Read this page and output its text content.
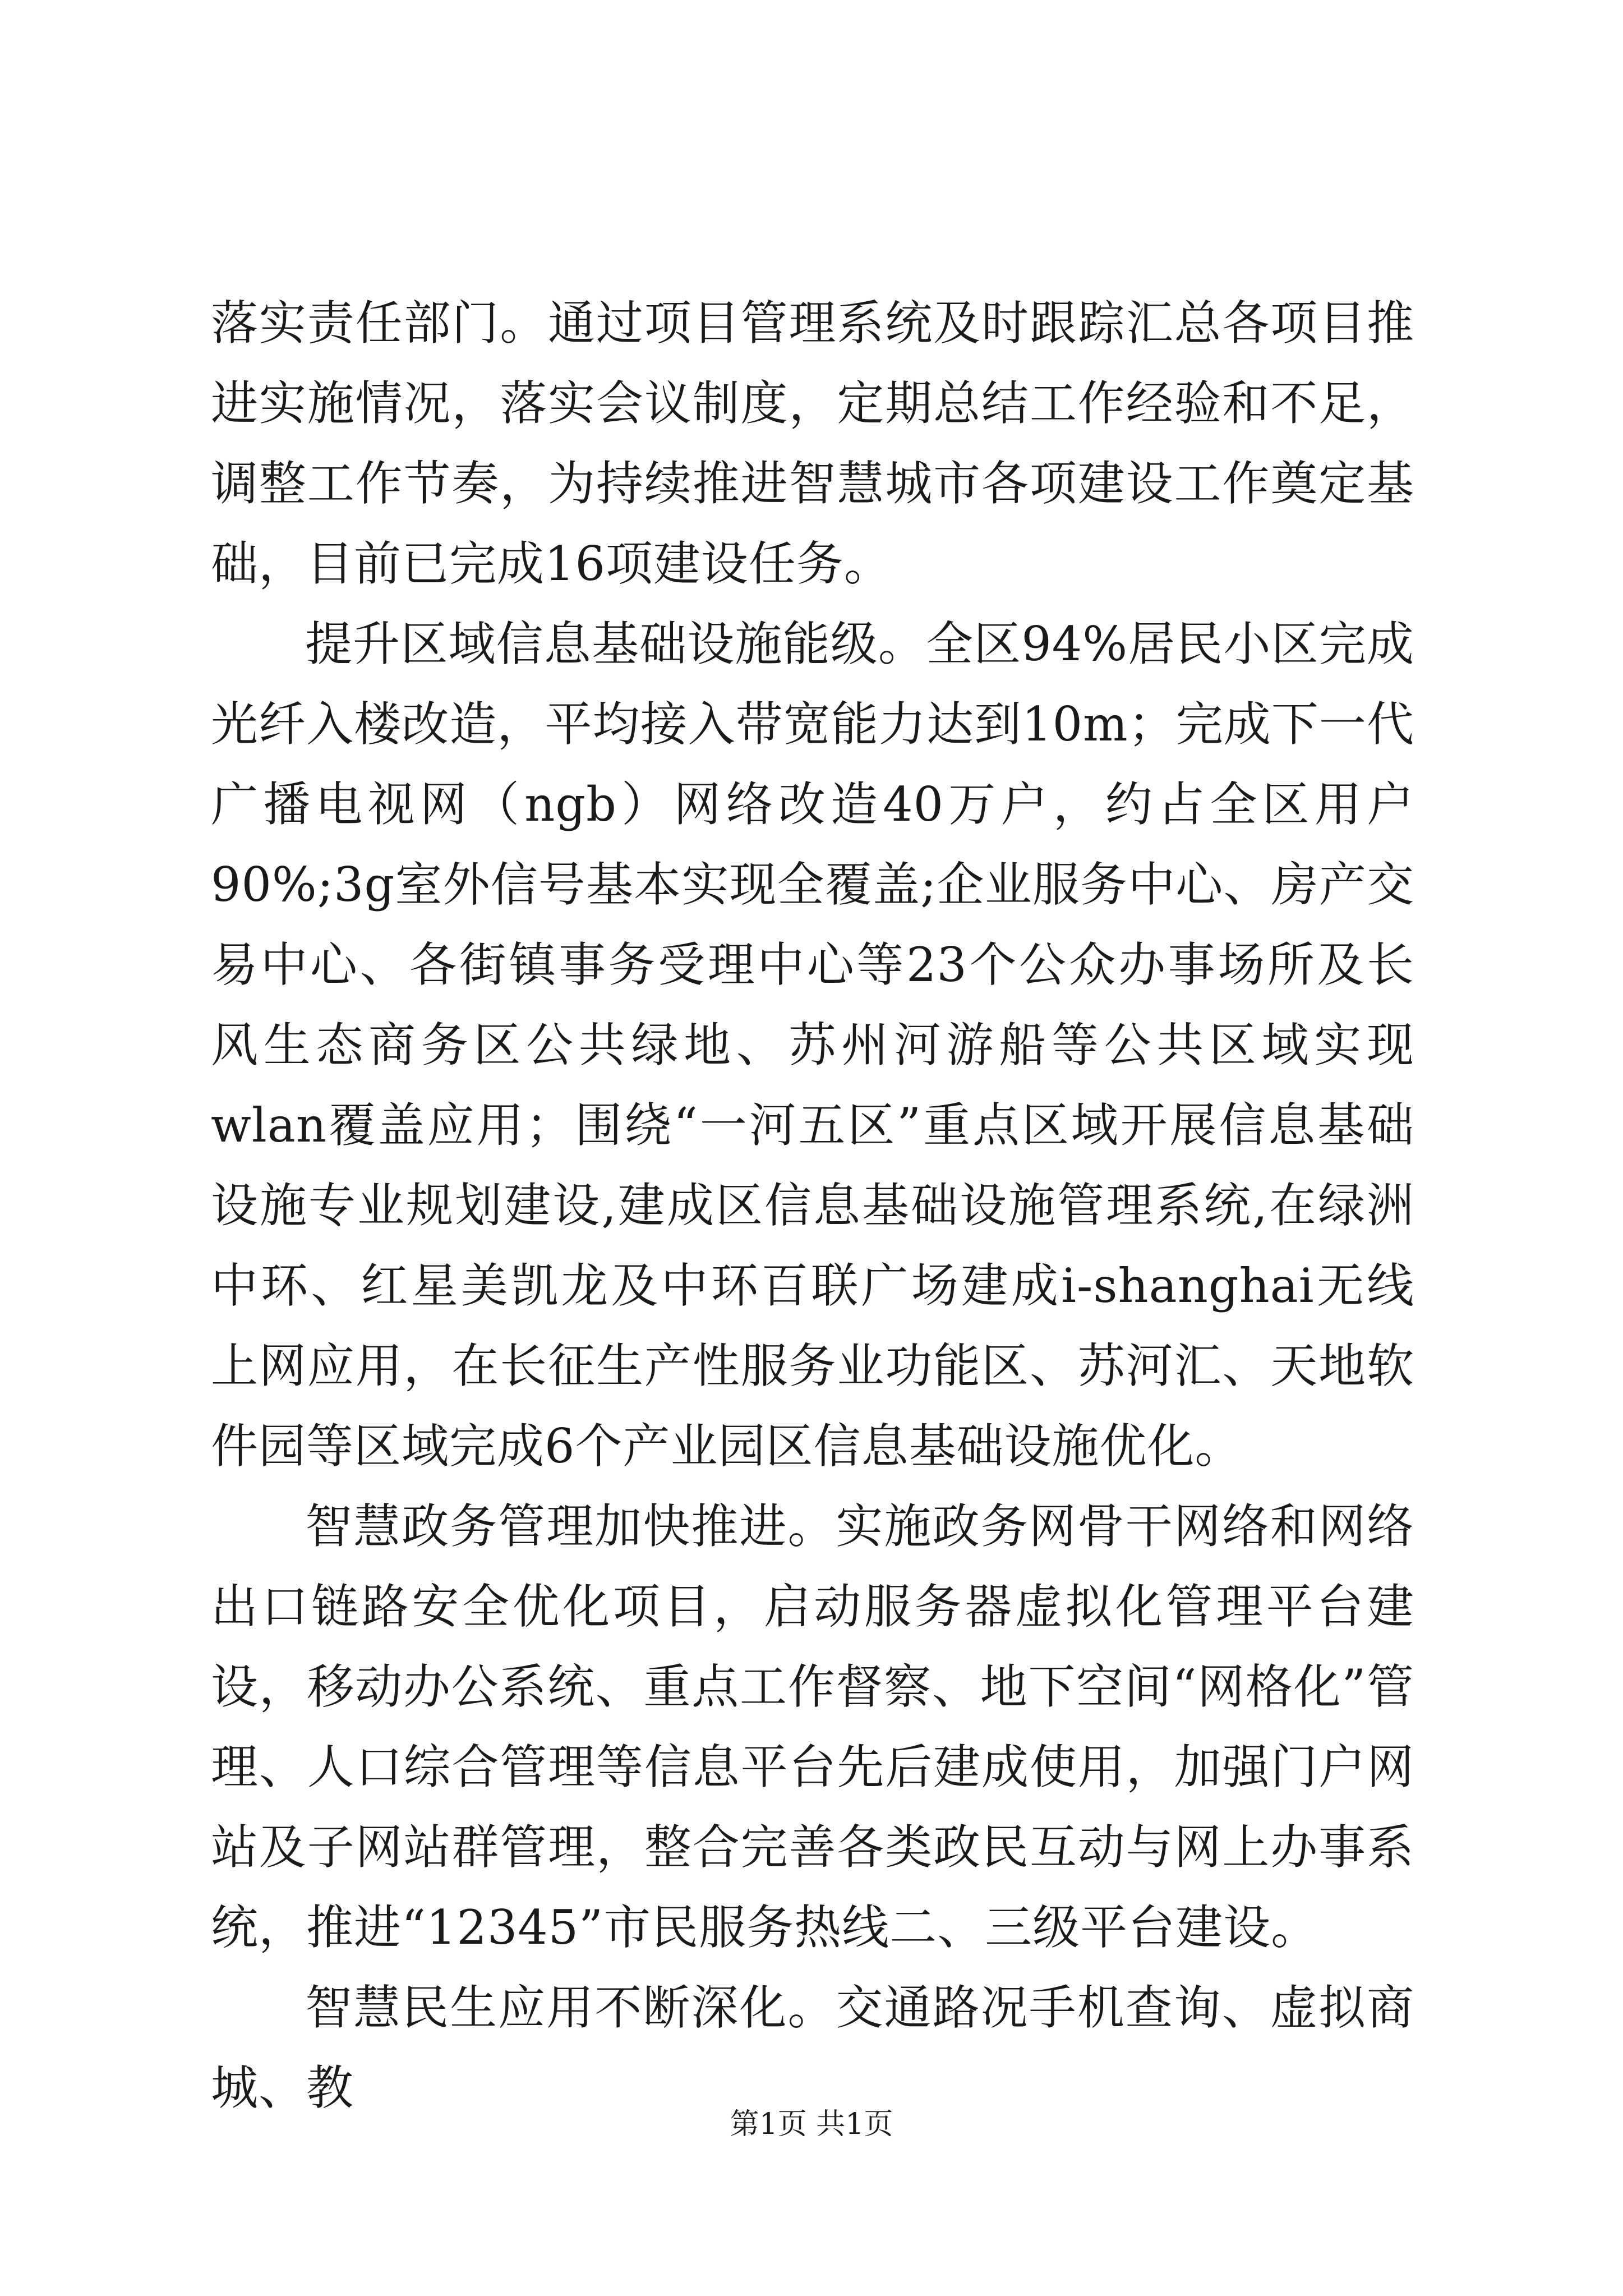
落实责任部门。通过项目管理系统及时跟踪汇总各项目推进实施情况，落实会议制度，定期总结工作经验和不足，调整工作节奏，为持续推进智慧城市各项建设工作奠定基础，目前已完成16项建设任务。

提升区域信息基础设施能级。全区94%居民小区完成光纤入楼改造，平均接入带宽能力达到10m；完成下一代广播电视网（ngb）网络改造40万户，约占全区用户90%;3g室外信号基本实现全覆盖;企业服务中心、房产交易中心、各街镇事务受理中心等23个公众办事场所及长风生态商务区公共绿地、苏州河游船等公共区域实现wlan覆盖应用；围绕“一河五区”重点区域开展信息基础设施专业规划建设,建成区信息基础设施管理系统,在绿洲中环、红星美凯龙及中环百联广场建成i-shanghai无线上网应用，在长征生产性服务业功能区、苏河汇、天地软件园等区域完成6个产业园区信息基础设施优化。

智慧政务管理加快推进。实施政务网骨干网络和网络出口链路安全优化项目，启动服务器虚拟化管理平台建设，移动办公系统、重点工作督察、地下空间“网格化”管理、人口综合管理等信息平台先后建成使用，加强门户网站及子网站群管理，整合完善各类政民互动与网上办事系统，推进“12345”市民服务热线二、三级平台建设。

智慧民生应用不断深化。交通路况手机查询、虚拟商城、教

第1页 共1页
